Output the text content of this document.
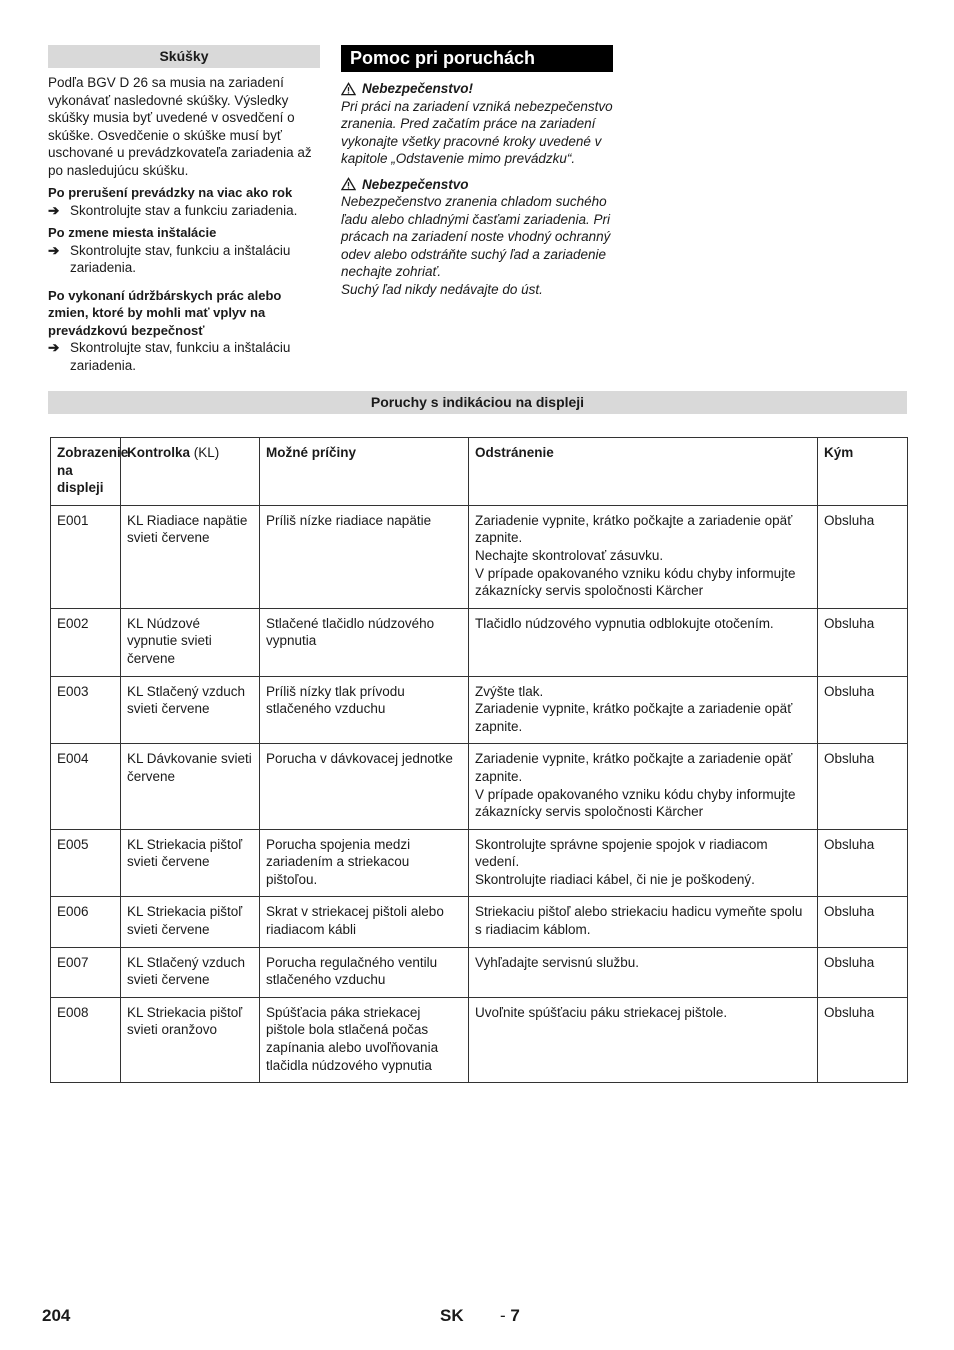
Skúšky

Podľa BGV D 26 sa musia na zariadení vykonávať nasledovné skúšky. Výsledky skúšky musia byť uvedené v osvedčení o skúške. Osvedčenie o skúške musí byť uschované u prevádzkovateľa zariadenia až po nasledujúcu skúšku.

Po prerušení prevádzky na viac ako rok

➔ Skontrolujte stav a funkciu zariadenia.

Po zmene miesta inštalácie

➔ Skontrolujte stav, funkciu a inštaláciu zariadenia.

Po vykonaní údržbárskych prác alebo zmien, ktoré by mohli mať vplyv na prevádzkovú bezpečnosť

➔ Skontrolujte stav, funkciu a inštaláciu zariadenia.
Pomoc pri poruchách
Nebezpečenstvo!

Pri práci na zariadení vzniká nebezpečenstvo zranenia. Pred začatím práce na zariadení vykonajte všetky pracovné kroky uvedené v kapitole „Odstavenie mimo prevádzku“.

Nebezpečenstvo

Nebezpečenstvo zranenia chladom suchého ľadu alebo chladnými časťami zariadenia. Pri prácach na zariadení noste vhodný ochranný odev alebo odstráňte suchý ľad a zariadenie nechajte zohriať.

Suchý ľad nikdy nedávajte do úst.

Poruchy s indikáciou na displeji
Zobrazenie na displeji	Kontrolka (KL)	Možné príčiny	Odstránenie	Kým
E001	KL Riadiace napätie svieti červene	Príliš nízke riadiace napätie	Zariadenie vypnite, krátko počkajte a zariadenie opäť zapnite.
Nechajte skontrolovať zásuvku.
V prípade opakovaného vzniku kódu chyby informujte zákaznícky servis spoločnosti Kärcher	Obsluha
E002	KL Núdzové vypnutie svieti červene	Stlačené tlačidlo núdzového vypnutia	Tlačidlo núdzového vypnutia odblokujte otočením.	Obsluha
E003	KL Stlačený vzduch svieti červene	Príliš nízky tlak prívodu stlačeného vzduchu	Zvýšte tlak.
Zariadenie vypnite, krátko počkajte a zariadenie opäť zapnite.	Obsluha
E004	KL Dávkovanie svieti červene	Porucha v dávkovacej jednotke	Zariadenie vypnite, krátko počkajte a zariadenie opäť zapnite.
V prípade opakovaného vzniku kódu chyby informujte zákaznícky servis spoločnosti Kärcher	Obsluha
E005	KL Striekacia pištoľ svieti červene	Porucha spojenia medzi zariadením a striekacou pištoľou.	Skontrolujte správne spojenie spojok v riadiacom vedení.
Skontrolujte riadiaci kábel, či nie je poškodený.	Obsluha
E006	KL Striekacia pištoľ svieti červene	Skrat v striekacej pištoli alebo riadiacom kábli	Striekaciu pištoľ alebo striekaciu hadicu vymeňte spolu s riadiacim káblom.	Obsluha
E007	KL Stlačený vzduch svieti červene	Porucha regulačného ventilu stlačeného vzduchu	Vyhľadajte servisnú službu.	Obsluha
E008	KL Striekacia pištoľ svieti oranžovo	Spúšťacia páka striekacej pištole bola stlačená počas zapínania alebo uvoľňovania tlačidla núdzového vypnutia	Uvoľnite spúšťaciu páku striekacej pištole.	Obsluha
204	SK - 7
